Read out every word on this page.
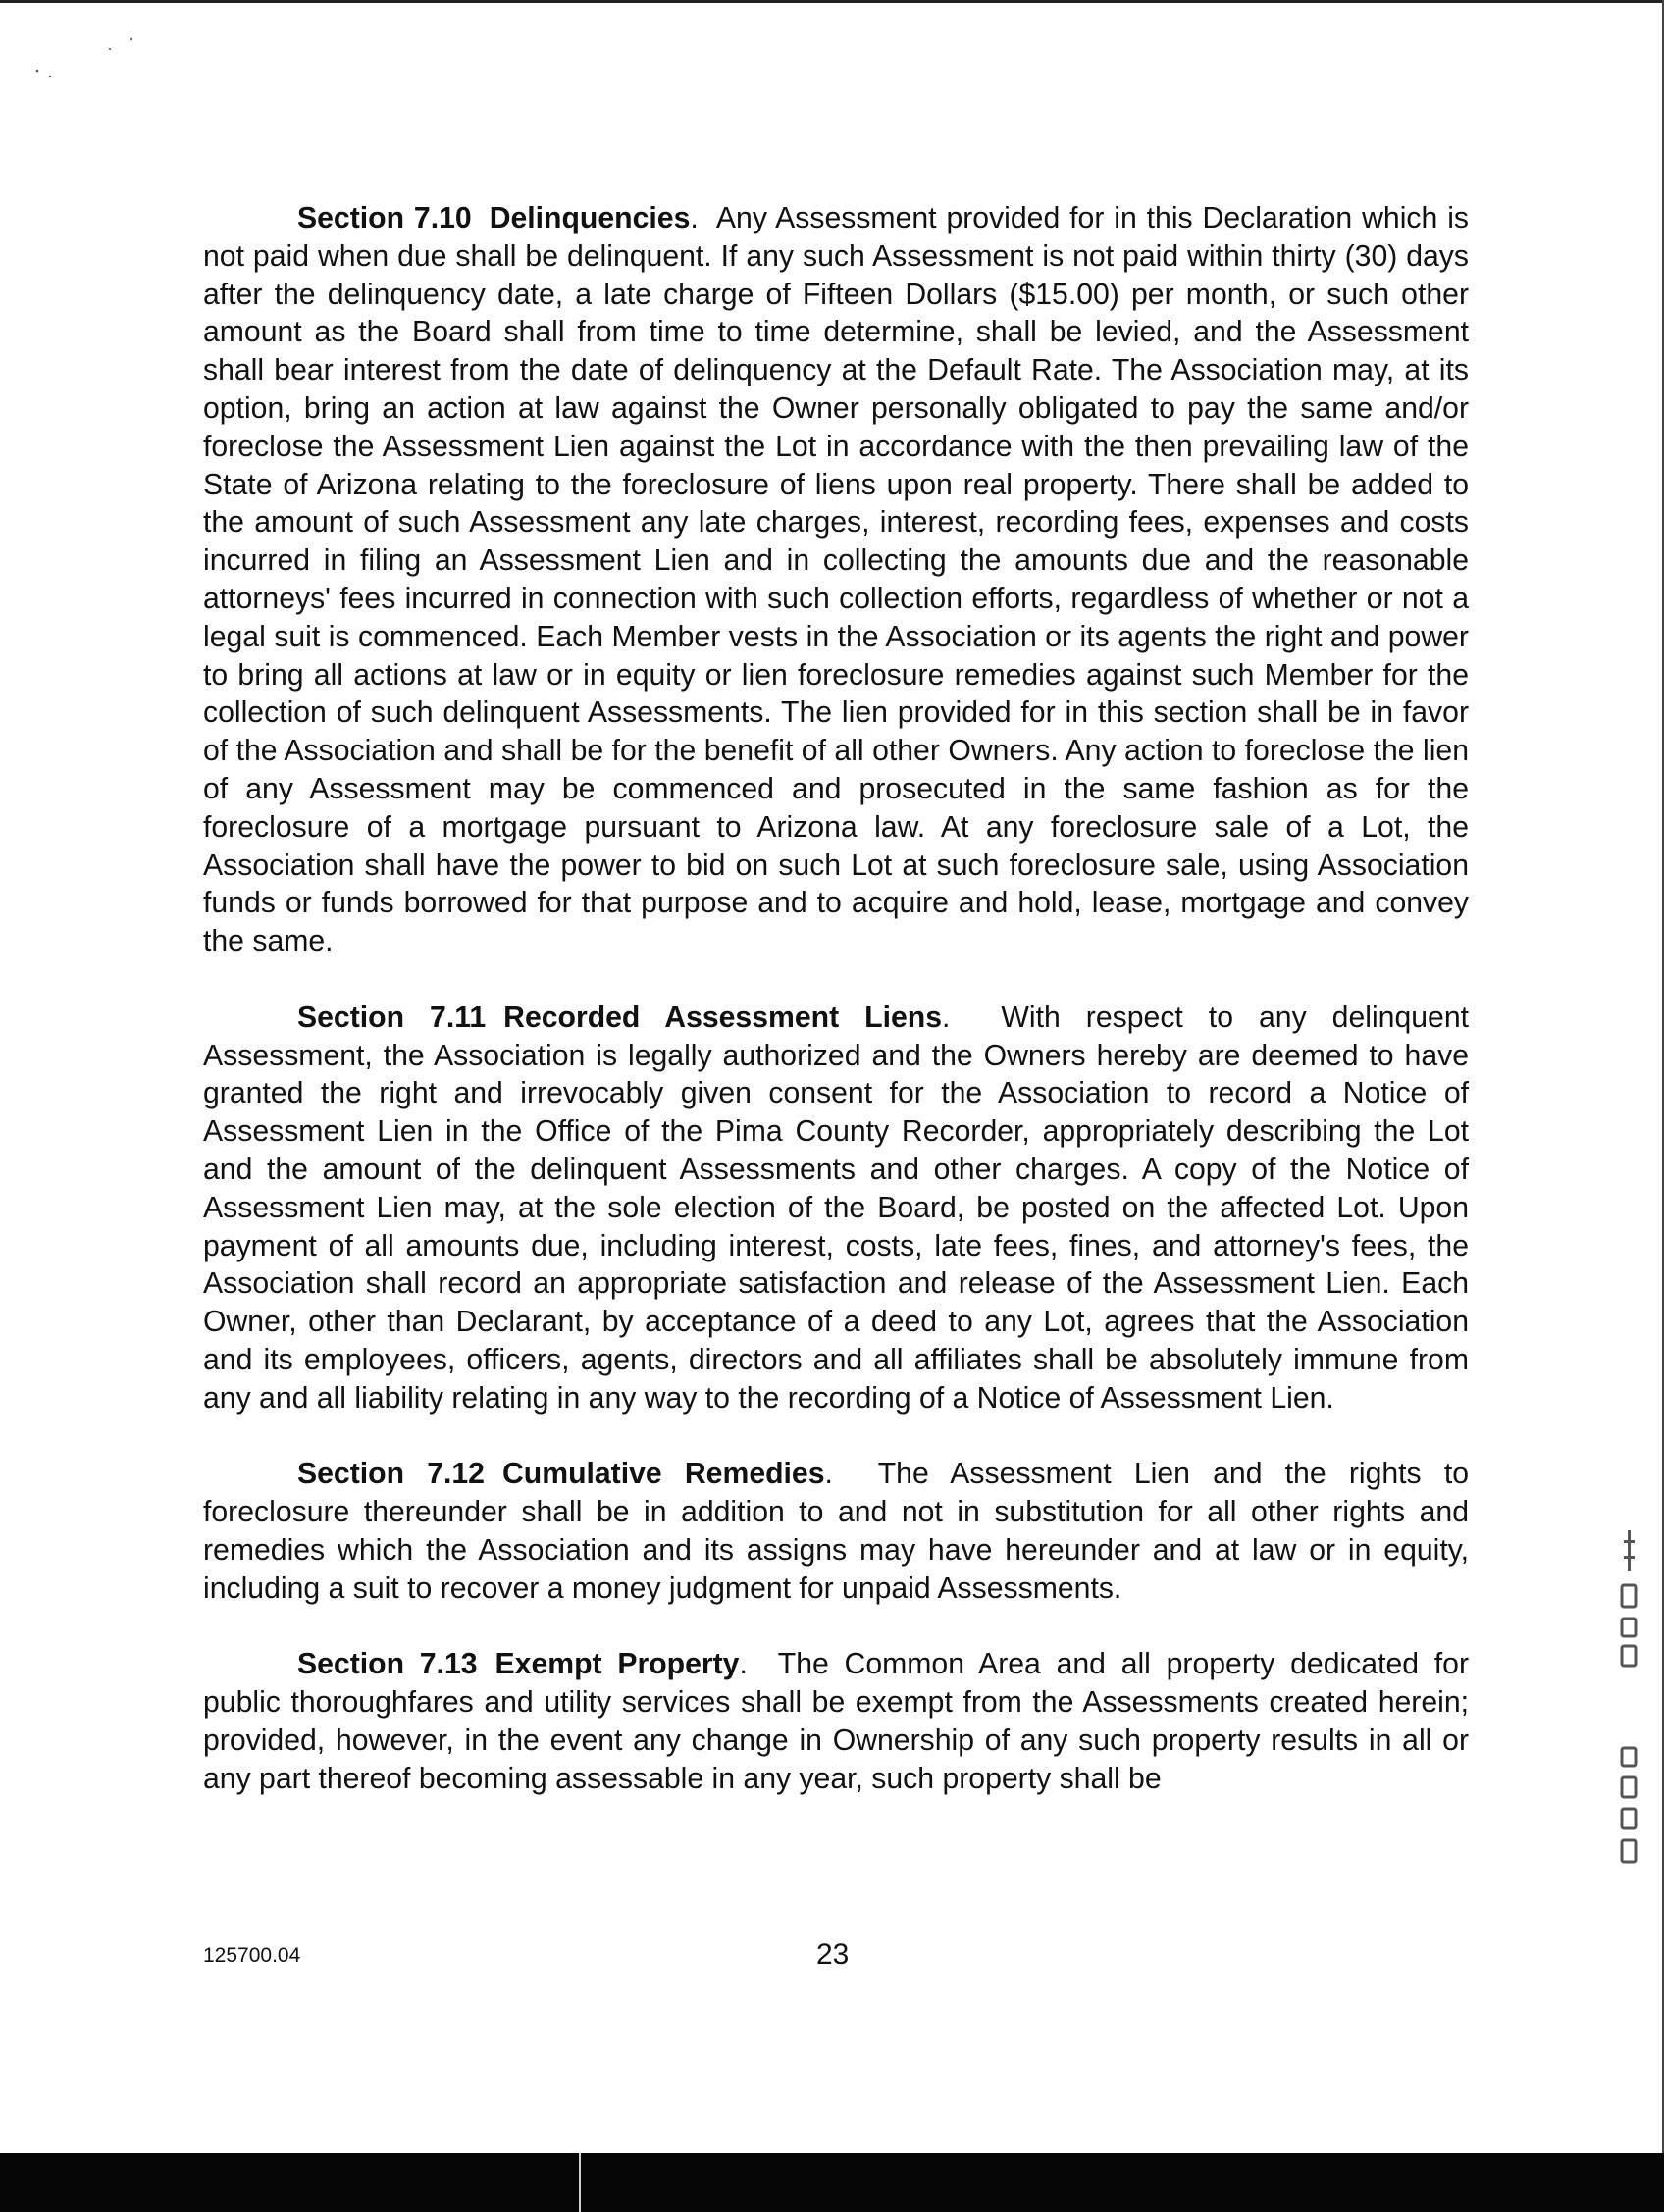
Section 7.10 Delinquencies. Any Assessment provided for in this Declaration which is not paid when due shall be delinquent. If any such Assessment is not paid within thirty (30) days after the delinquency date, a late charge of Fifteen Dollars ($15.00) per month, or such other amount as the Board shall from time to time determine, shall be levied, and the Assessment shall bear interest from the date of delinquency at the Default Rate. The Association may, at its option, bring an action at law against the Owner personally obligated to pay the same and/or foreclose the Assessment Lien against the Lot in accordance with the then prevailing law of the State of Arizona relating to the foreclosure of liens upon real property. There shall be added to the amount of such Assessment any late charges, interest, recording fees, expenses and costs incurred in filing an Assessment Lien and in collecting the amounts due and the reasonable attorneys' fees incurred in connection with such collection efforts, regardless of whether or not a legal suit is commenced. Each Member vests in the Association or its agents the right and power to bring all actions at law or in equity or lien foreclosure remedies against such Member for the collection of such delinquent Assessments. The lien provided for in this section shall be in favor of the Association and shall be for the benefit of all other Owners. Any action to foreclose the lien of any Assessment may be commenced and prosecuted in the same fashion as for the foreclosure of a mortgage pursuant to Arizona law. At any foreclosure sale of a Lot, the Association shall have the power to bid on such Lot at such foreclosure sale, using Association funds or funds borrowed for that purpose and to acquire and hold, lease, mortgage and convey the same.

Section 7.11 Recorded Assessment Liens. With respect to any delinquent Assessment, the Association is legally authorized and the Owners hereby are deemed to have granted the right and irrevocably given consent for the Association to record a Notice of Assessment Lien in the Office of the Pima County Recorder, appropriately describing the Lot and the amount of the delinquent Assessments and other charges. A copy of the Notice of Assessment Lien may, at the sole election of the Board, be posted on the affected Lot. Upon payment of all amounts due, including interest, costs, late fees, fines, and attorney's fees, the Association shall record an appropriate satisfaction and release of the Assessment Lien. Each Owner, other than Declarant, by acceptance of a deed to any Lot, agrees that the Association and its employees, officers, agents, directors and all affiliates shall be absolutely immune from any and all liability relating in any way to the recording of a Notice of Assessment Lien.

Section 7.12 Cumulative Remedies. The Assessment Lien and the rights to foreclosure thereunder shall be in addition to and not in substitution for all other rights and remedies which the Association and its assigns may have hereunder and at law or in equity, including a suit to recover a money judgment for unpaid Assessments.

Section 7.13 Exempt Property. The Common Area and all property dedicated for public thoroughfares and utility services shall be exempt from the Assessments created herein; provided, however, in the event any change in Ownership of any such property results in all or any part thereof becoming assessable in any year, such property shall be

125700.04	23
